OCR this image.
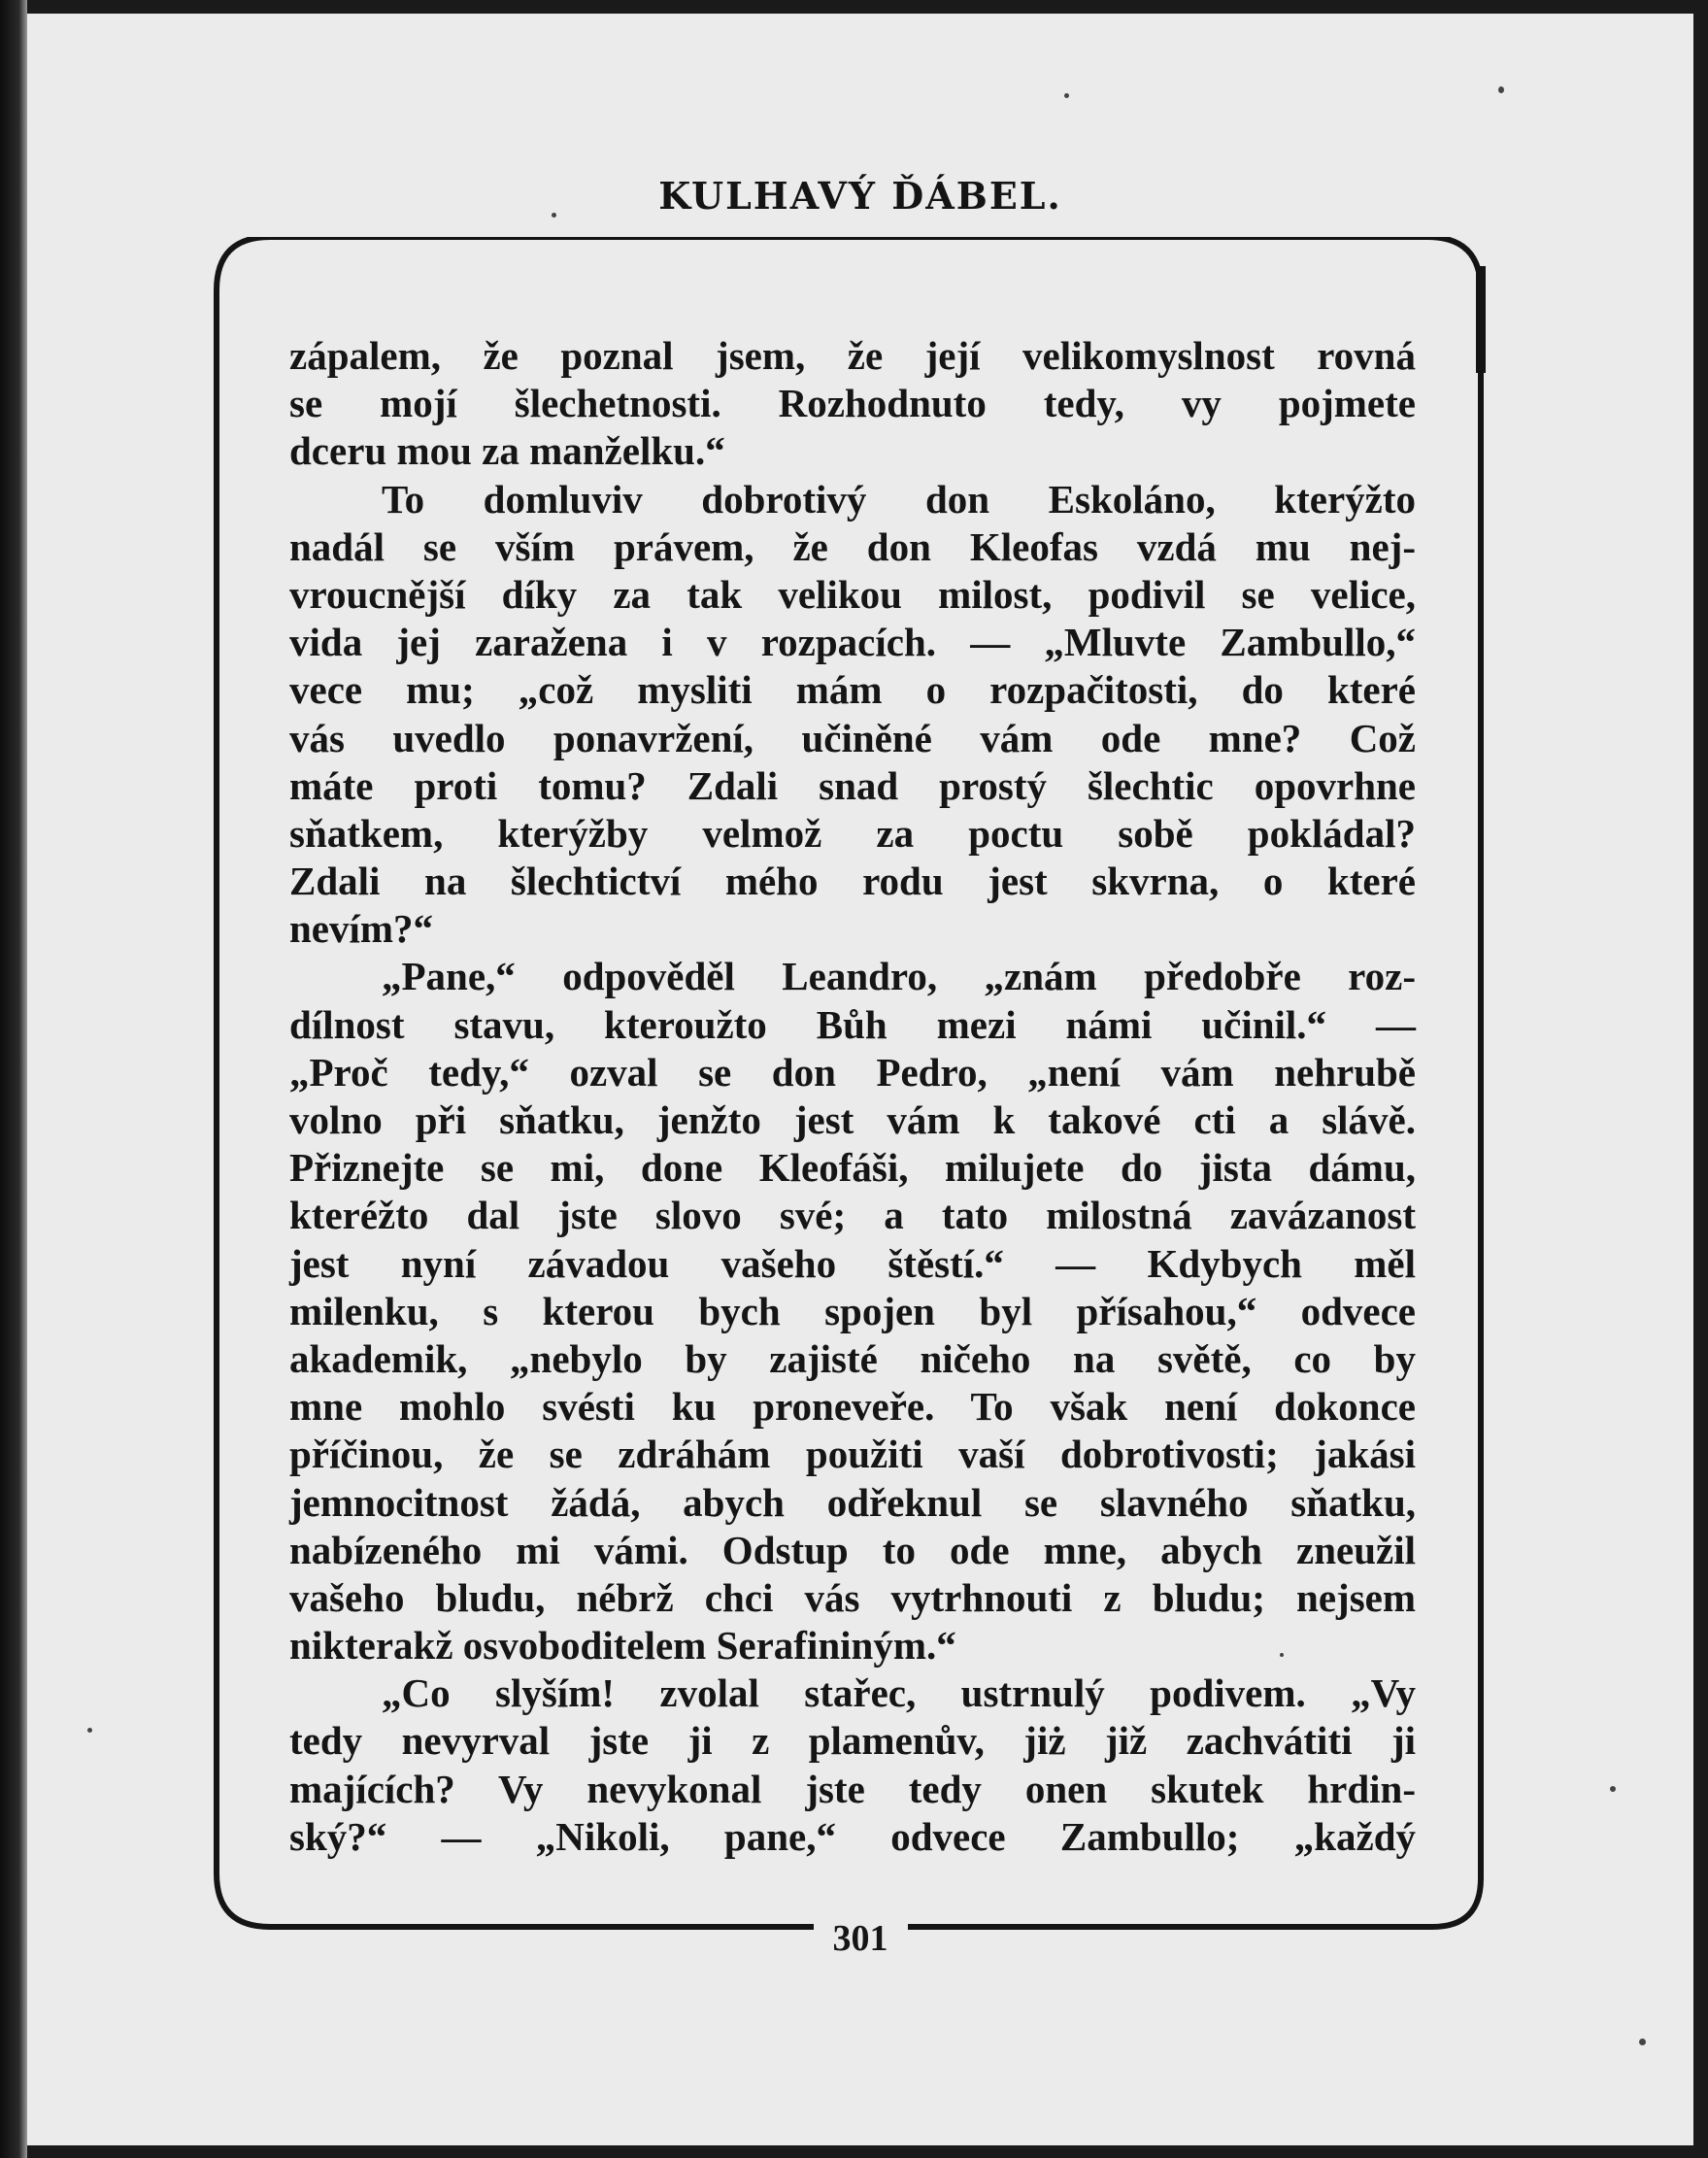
KULHAVÝ ĎÁBEL.
zápalem, že poznal jsem, že její velikomyslnost rovná
se mojí šlechetnosti. Rozhodnuto tedy, vy pojmete
dceru mou za manželku.“
To domluviv dobrotivý don Eskoláno, kterýžto
nadál se vším právem, že don Kleofas vzdá mu nej-
vroucnější díky za tak velikou milost, podivil se velice,
vida jej zaraženа i v rozpacích. — „Mluvte Zambullo,“
vece mu; „což mysliti mám o rozpačitosti, do které
vás uvedlo ponavržení, učiněné vám ode mne? Což
máte proti tomu? Zdali snad prostý šlechtic opovrhne
sňatkem, kterýžby velmož za poctu sobě pokládal?
Zdali na šlechtictví mého rodu jest skvrna, o které
nevím?“
„Pane,“ odpověděl Leandro, „znám předobře roz-
dílnost stavu, kteroužto Bůh mezi námi učinil.“ —
„Proč tedy,“ ozval se don Pedro, „není vám nehrubě
volno při sňatku, jenžto jest vám k takové cti a slávě.
Přiznejte se mi, done Kleofáši, milujete do jista dámu,
kteréžto dal jste slovo své; a tato milostná zavázanost
jest nyní závadou vašeho štěstí.“ — Kdybych měl
milenku, s kterou bych spojen byl přísahou,“ odvece
akademik, „nebylo by zajisté ničeho na světě, co by
mne mohlo svésti ku proneveře. To však není dokonce
příčinou, že se zdráhám použiti vaší dobrotivosti; jakási
jemnocitnost žádá, abych odřeknul se slavného sňatku,
nabízeného mi vámi. Odstup to ode mne, abych zneužil
vašeho bludu, nébrž chci vás vytrhnouti z bludu; nejsem
nikterakž osvoboditelem Serafininým.“
„Co slyším! zvolal stařec, ustrnulý podivem. „Vy
tedy nevyrval jste ji z plamenův, jiż již zachvátiti ji
majících? Vy nevykonal jste tedy onen skutek hrdin-
ský?“ — „Nikoli, pane,“ odvece Zambullo; „každý
301
